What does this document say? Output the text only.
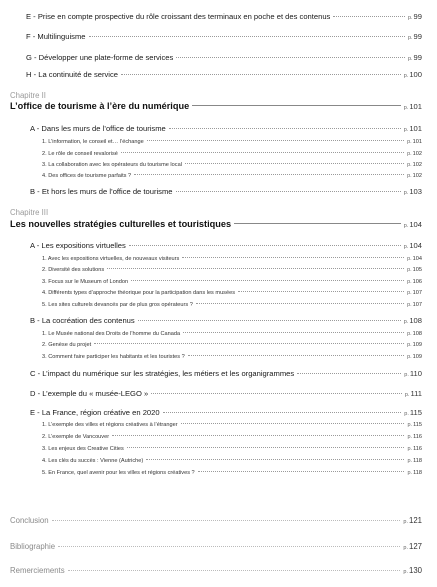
E - Prise en compte prospective du rôle croissant des terminaux en poche et des contenus	p.99
F - Multilinguisme	p.99
G - Développer une plate-forme de services	p.99
H - La continuité de service	p.100
Chapitre II
L’office de tourisme à l’ère du numérique	p.101
A - Dans les murs de l’office de tourisme	p.101
1. L’information, le conseil et… l’échange	p.101
2. Le rôle de conseil revalorisé	p.102
3. La collaboration avec les opérateurs du tourisme local	p.102
4. Des offices de tourisme parfaits ?	p.102
B - Et hors les murs de l’office de tourisme	p.103
Chapitre III
Les nouvelles stratégies culturelles et touristiques	p.104
A - Les expositions virtuelles	p.104
1. Avec les expositions virtuelles, de nouveaux visiteurs	p.104
2. Diversité des solutions	p.105
3. Focus sur le Museum of London	p.106
4. Différents types d’approche théorique pour la participation dans les musées	p.107
5. Les sites culturels devancés par de plus gros opérateurs ?	p.107
B - La cocréation des contenus	p.108
1. Le Musée national des Droits de l’homme du Canada	p.108
2. Genèse du projet	p.109
3. Comment faire participer les habitants et les touristes ?	p.109
C - L’impact du numérique sur les stratégies, les métiers et les organigrammes	p.110
D - L’exemple du « musée-LEGO »	p.111
E - La France, région créative en 2020	p.115
1. L’exemple des villes et régions créatives à l’étranger	p.115
2. L’exemple de Vancouver	p.116
3. Les enjeux des Creative Cities	p.116
4. Les clés du succès : Vienne (Autriche)	p.118
5. En France, quel avenir pour les villes et régions créatives ?	p.118
Conclusion	p.121
Bibliographie	p.127
Remerciements	p.130
